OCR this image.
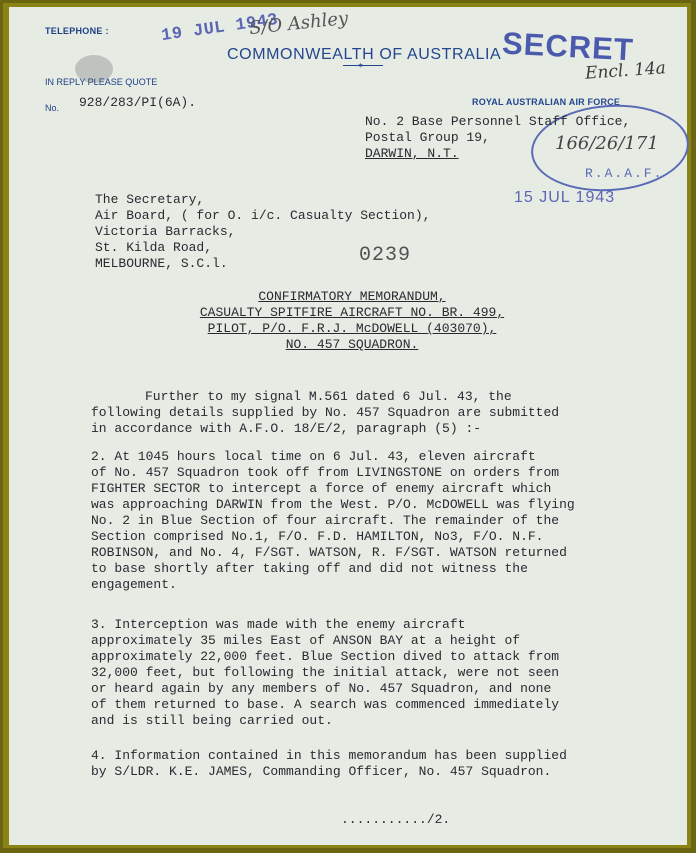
TELEPHONE :
IN REPLY PLEASE QUOTE
No. 928/283/PI(6A).
COMMONWEALTH OF AUSTRALIA
✶
ROYAL AUSTRALIAN AIR FORCE
19 JUL 1943
S/O Ashley
SECRET
Encl. 14a
166/26/171
R.A.A.F.
15 JUL 1943
No. 2 Base Personnel Staff Office,
Postal Group 19,
DARWIN, N.T.
The Secretary,
Air Board, ( for O. i/c. Casualty Section),
Victoria Barracks,
St. Kilda Road,
MELBOURNE, S.C.l.	0239
CONFIRMATORY MEMORANDUM,
CASUALTY SPITFIRE AIRCRAFT NO. BR. 499,
PILOT, P/O. F.R.J. McDOWELL (403070),
NO. 457 SQUADRON.
Further to my signal M.561 dated 6 Jul. 43, the
following details supplied by No. 457 Squadron are submitted
in accordance with A.F.O. 18/E/2, paragraph (5) :-
2. At 1045 hours local time on 6 Jul. 43, eleven aircraft
of No. 457 Squadron took off from LIVINGSTONE on orders from
FIGHTER SECTOR to intercept a force of enemy aircraft which
was approaching DARWIN from the West. P/O. McDOWELL was flying
No. 2 in Blue Section of four aircraft. The remainder of the
Section comprised No.1, F/O. F.D. HAMILTON, No3, F/O. N.F.
ROBINSON, and No. 4, F/SGT. WATSON, R. F/SGT. WATSON returned
to base shortly after taking off and did not witness the
engagement.
3. Interception was made with the enemy aircraft
approximately 35 miles East of ANSON BAY at a height of
approximately 22,000 feet. Blue Section dived to attack from
32,000 feet, but following the initial attack, were not seen
or heard again by any members of No. 457 Squadron, and none
of them returned to base. A search was commenced immediately
and is still being carried out.
4. Information contained in this memorandum has been supplied
by S/LDR. K.E. JAMES, Commanding Officer, No. 457 Squadron.
.........../2.
